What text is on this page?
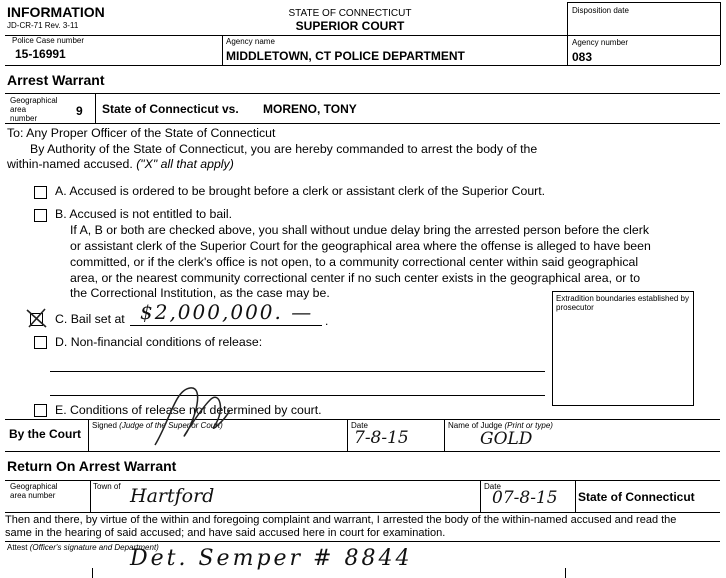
INFORMATION
JD-CR-71 Rev. 3-11
STATE OF CONNECTICUT
SUPERIOR COURT
Disposition date
Police Case number
15-16991
Agency name
MIDDLETOWN, CT POLICE DEPARTMENT
Agency number
083
Arrest Warrant
Geographical area number
9 State of Connecticut vs. MORENO, TONY
To: Any Proper Officer of the State of Connecticut
By Authority of the State of Connecticut, you are hereby commanded to arrest the body of the
within-named accused. ("X" all that apply)
A. Accused is ordered to be brought before a clerk or assistant clerk of the Superior Court.
B. Accused is not entitled to bail.
If A, B or both are checked above, you shall without undue delay bring the arrested person before the clerk
or assistant clerk of the Superior Court for the geographical area where the offense is alleged to have been
committed, or if the clerk's office is not open, to a community correctional center within said geographical
area, or the nearest community correctional center if no such center exists in the geographical area, or to
the Correctional Institution, as the case may be.	Extradition boundaries established by prosecutor
C. Bail set at	.
$2,000,000. —
D. Non-financial conditions of release:
E. Conditions of release not determined by court.
By the Court
Signed (Judge of the Superior Court)	Date
7-8-15
Name of Judge (Print or type)
GOLD
Return On Arrest Warrant
Geographical area number
Town of Hartford	Date
07-8-15 State of Connecticut
Then and there, by virtue of the within and foregoing complaint and warrant, I arrested the body of the within-named accused and read the
same in the hearing of said accused; and have said accused here in court for examination.
Attest (Officer's signature and Department)
Det. Semper # 8844
